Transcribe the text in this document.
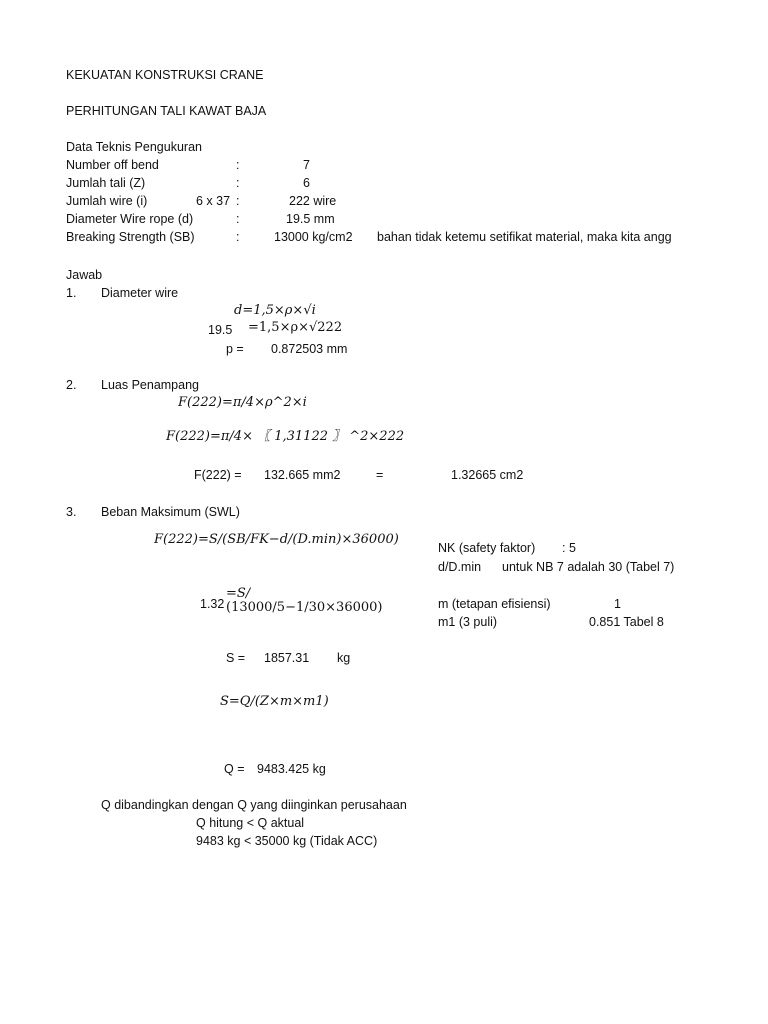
KEKUATAN KONSTRUKSI CRANE
PERHITUNGAN TALI KAWAT BAJA
Data Teknis Pengukuran
Number off bend	:	7
Jumlah tali (Z)	:	6
Jumlah wire (i)	6 x 37 :	222 wire
Diameter Wire rope (d)	:	19.5 mm
Breaking Strength (SB)	:	13000 kg/cm2 bahan tidak ketemu setifikat material, maka kita angg
Jawab
1. Diameter wire
d=1,5×ρ×√i
19.5 =1,5×ρ×√222
p = 0.872503 mm
2. Luas Penampang
F(222)=π/4×ρ^2×i
F(222)=π/4× 〖 1,31122 〗 ^2×222
F(222) = 132.665 mm2	=	1.32665 cm2
3. Beban Maksimum (SWL)
F(222)=S/(SB/FK−d/(D.min)×36000)
NK (safety faktor) : 5
d/D.min untuk NB 7 adalah 30 (Tabel 7)
1.32
=S/
(13000/5−1/30×36000)	m (tetapan efisiensi)	1
m1 (3 puli)	0.851 Tabel 8
S = 1857.31 kg
S=Q/(Z×m×m1)
Q = 9483.425 kg
Q dibandingkan dengan Q yang diinginkan perusahaan
Q hitung < Q aktual
9483 kg < 35000 kg (Tidak ACC)
